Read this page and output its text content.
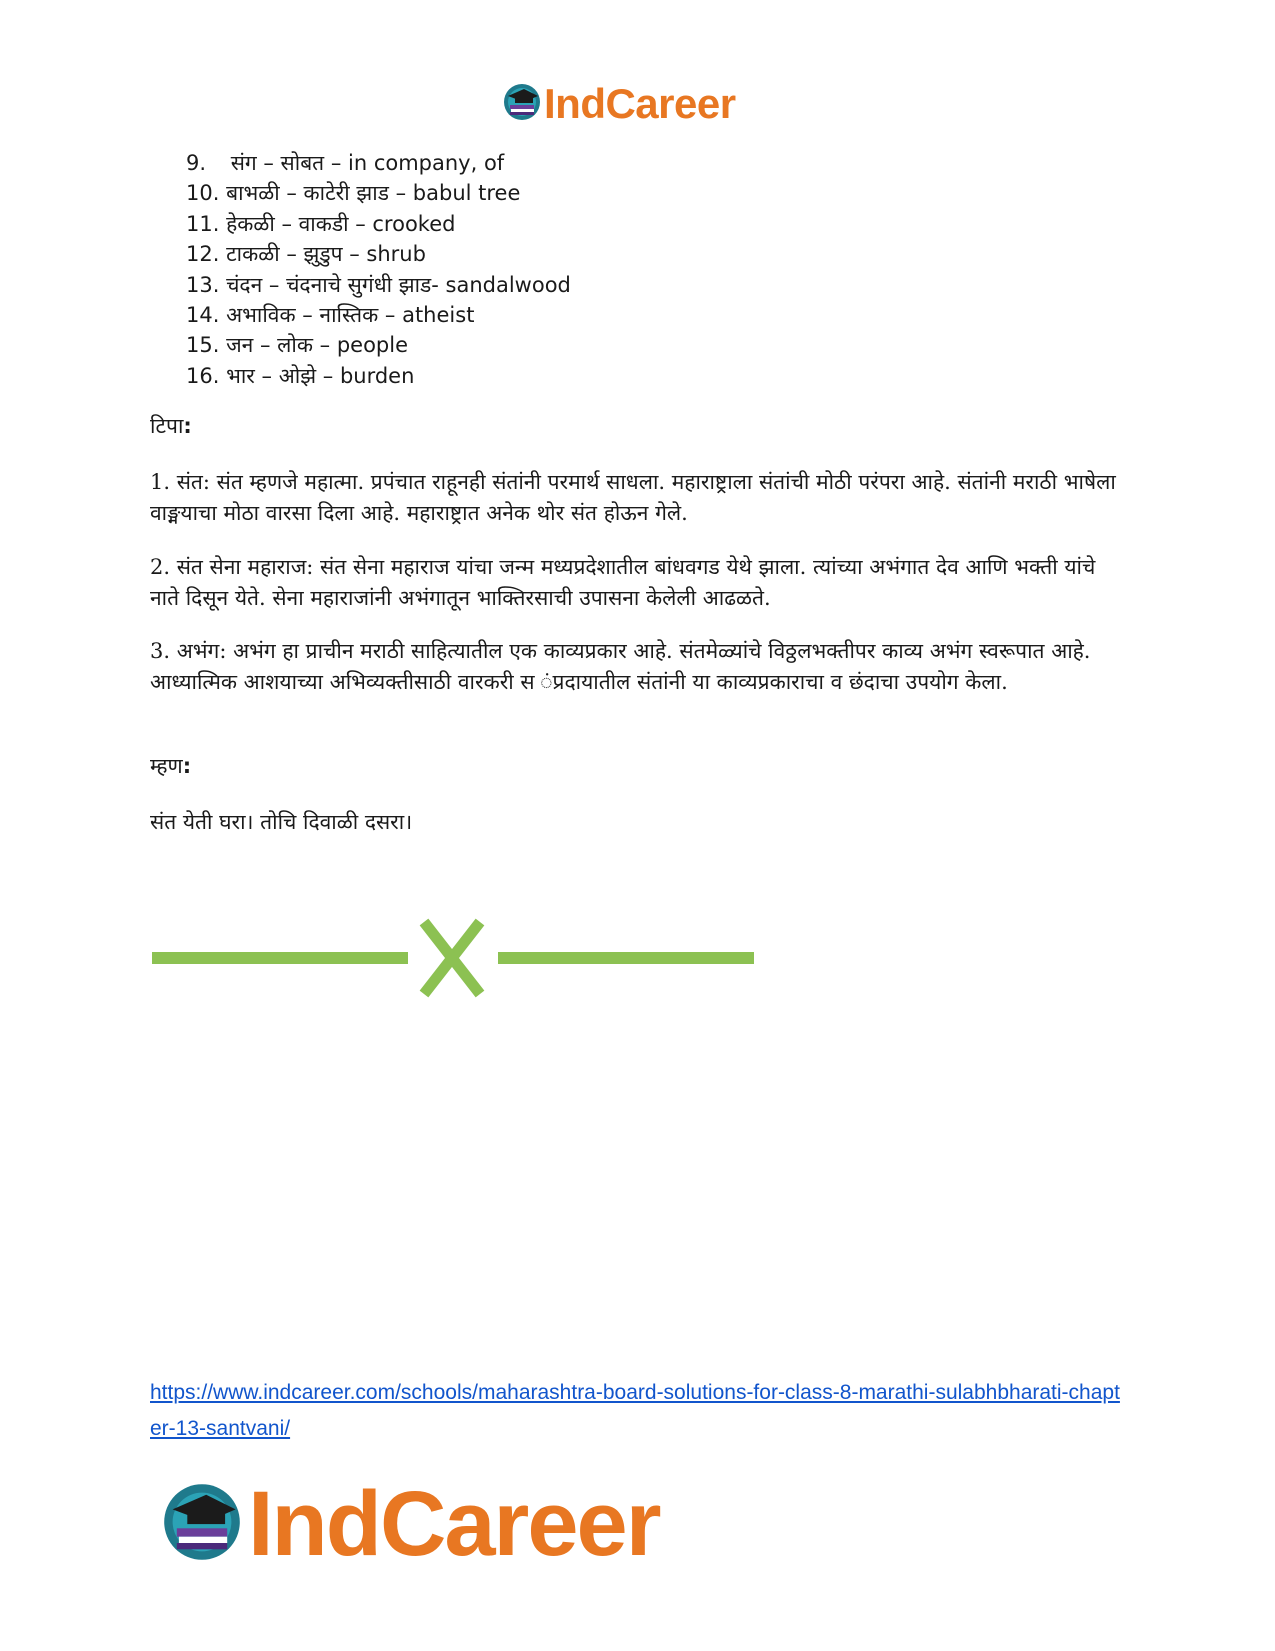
IndCareer
9. संग – सोबत – in company, of
10. बाभळी – काटेरी झाड – babul tree
11. हेकळी – वाकडी – crooked
12. टाकळी – झुडुप – shrub
13. चंदन – चंदनाचे सुगंधी झाड- sandalwood
14. अभाविक – नास्तिक – atheist
15. जन – लोक – people
16. भार – ओझे – burden
टिपा:

1. संत: संत म्हणजे महात्मा. प्रपंचात राहूनही संतांनी परमार्थ साधला. महाराष्ट्राला संतांची मोठी परंपरा आहे. संतांनी मराठी भाषेला वाङ्मयाचा मोठा वारसा दिला आहे. महाराष्ट्रात अनेक थोर संत होऊन गेले.

2. संत सेना महाराज: संत सेना महाराज यांचा जन्म मध्यप्रदेशातील बांधवगड येथे झाला. त्यांच्या अभंगात देव आणि भक्ती यांचे नाते दिसून येते. सेना महाराजांनी अभंगातून भाक्तिरसाची उपासना केलेली आढळते.

3. अभंग: अभंग हा प्राचीन मराठी साहित्यातील एक काव्यप्रकार आहे. संतमेळ्यांचे विठ्ठलभक्तीपर काव्य अभंग स्वरूपात आहे. आध्यात्मिक आशयाच्या अभिव्यक्तीसाठी वारकरी स ंप्रदायातील संतांनी या काव्यप्रकाराचा व छंदाचा उपयोग केला.

म्हण:

संत येती घरा। तोचि दिवाळी दसरा।

https://www.indcareer.com/schools/maharashtra-board-solutions-for-class-8-marathi-sulabhbharati-chapter-13-santvani/
IndCareer
